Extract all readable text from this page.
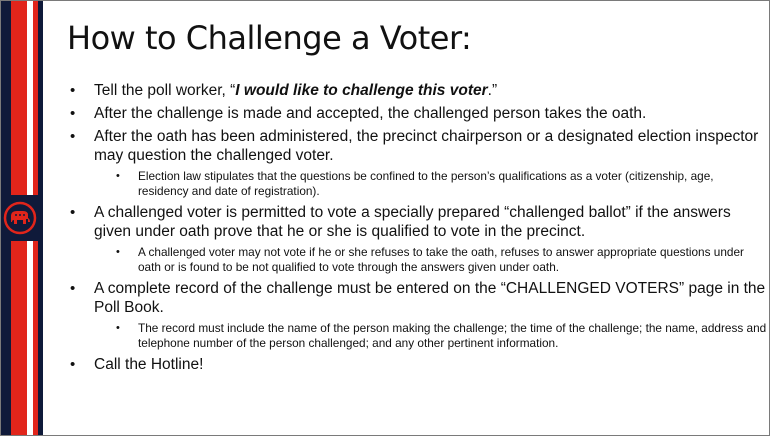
How to Challenge a Voter:
• Tell the poll worker, “I would like to challenge this voter.”
• After the challenge is made and accepted, the challenged person takes the oath.
• After the oath has been administered, the precinct chairperson or a designated election inspector may question the challenged voter.
• Election law stipulates that the questions be confined to the person’s qualifications as a voter (citizenship, age, residency and date of registration).
• A challenged voter is permitted to vote a specially prepared “challenged ballot” if the answers given under oath prove that he or she is qualified to vote in the precinct.
• A challenged voter may not vote if he or she refuses to take the oath, refuses to answer appropriate questions under oath or is found to be not qualified to vote through the answers given under oath.
• A complete record of the challenge must be entered on the “CHALLENGED VOTERS” page in the Poll Book.
• The record must include the name of the person making the challenge; the time of the challenge; the name, address and telephone number of the person challenged; and any other pertinent information.
• Call the Hotline!
